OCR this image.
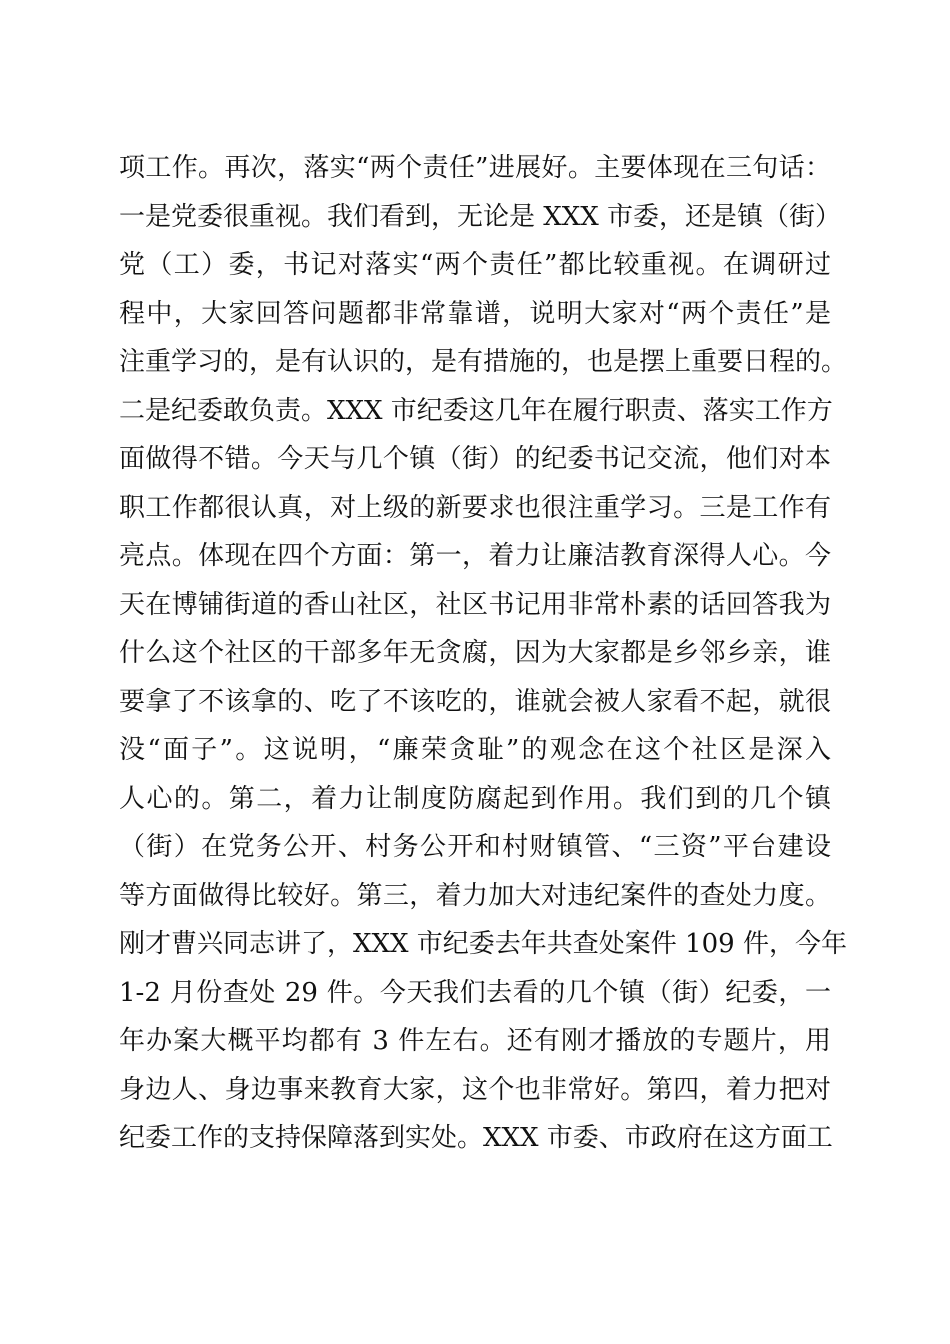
项工作。再次，落实“两个责任”进展好。主要体现在三句话：
一是党委很重视。我们看到，无论是 XXX 市委，还是镇（街）
党（工）委，书记对落实“两个责任”都比较重视。在调研过
程中，大家回答问题都非常靠谱，说明大家对“两个责任”是
注重学习的，是有认识的，是有措施的，也是摆上重要日程的。
二是纪委敢负责。XXX 市纪委这几年在履行职责、落实工作方
面做得不错。今天与几个镇（街）的纪委书记交流，他们对本
职工作都很认真，对上级的新要求也很注重学习。三是工作有
亮点。体现在四个方面：第一，着力让廉洁教育深得人心。今
天在博铺街道的香山社区，社区书记用非常朴素的话回答我为
什么这个社区的干部多年无贪腐，因为大家都是乡邻乡亲，谁
要拿了不该拿的、吃了不该吃的，谁就会被人家看不起，就很
没“面子”。这说明，“廉荣贪耻”的观念在这个社区是深入
人心的。第二，着力让制度防腐起到作用。我们到的几个镇
（街）在党务公开、村务公开和村财镇管、“三资”平台建设
等方面做得比较好。第三，着力加大对违纪案件的查处力度。
刚才曹兴同志讲了，XXX 市纪委去年共查处案件 109 件，今年
1-2 月份查处 29 件。今天我们去看的几个镇（街）纪委，一
年办案大概平均都有 3 件左右。还有刚才播放的专题片，用
身边人、身边事来教育大家，这个也非常好。第四，着力把对
纪委工作的支持保障落到实处。XXX 市委、市政府在这方面工
